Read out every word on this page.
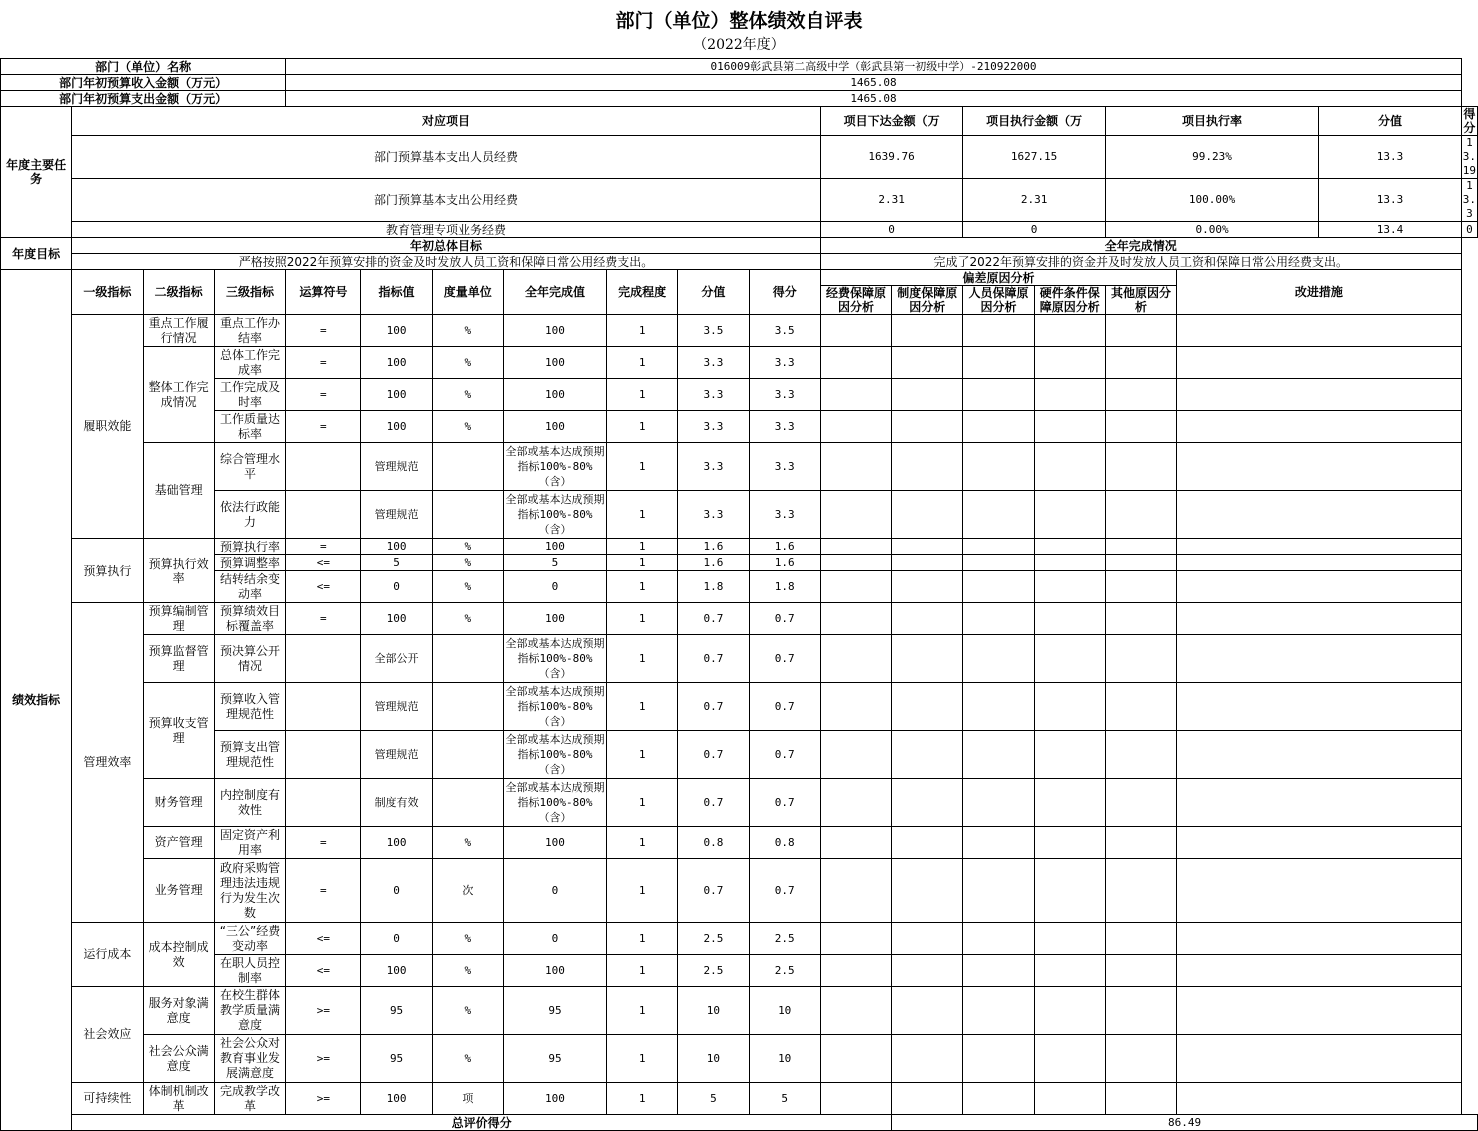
部门（单位）整体绩效自评表
（2022年度）
部门（单位）名称				016009彰武县第二高级中学（彰武县第一初级中学）-210922000														
部门年初预算收入金额（万元）				1465.08														
部门年初预算支出金额（万元）				1465.08														
年度主要任务	对应项目										项目下达金额（万		项目执行金额（万		项目执行率		分值	得分
	部门预算基本支出人员经费										1639.76		1627.15		99.23%		13.3	13.19
	部门预算基本支出公用经费										2.31		2.31		100.00%		13.3	13.3
	教育管理专项业务经费										0		0		0.00%		13.4	0
年度目标	年初总体目标										全年完成情况							
	严格按照2022年预算安排的资金及时发放人员工资和保障日常公用经费支出。										完成了2022年预算安排的资金并及时发放人员工资和保障日常公用经费支出。							
绩效指标	一级指标	二级指标	三级指标	运算符号	指标值	度量单位	全年完成值	完成程度	分值	得分	偏差原因分析					改进措施		
											经费保障原因分析	制度保障原因分析	人员保障原因分析	硬件条件保障原因分析	其他原因分析			

	履职效能	重点工作履行情况	重点工作办结率	=	100	%	100	1	3.5	3.5								
		整体工作完成情况	总体工作完成率	=	100	%	100	1	3.3	3.3								
			工作完成及时率	=	100	%	100	1	3.3	3.3								
			工作质量达标率	=	100	%	100	1	3.3	3.3								
		基础管理	综合管理水平		管理规范		全部或基本达成预期指标100%-80%（含）	1	3.3	3.3								
			依法行政能力		管理规范		全部或基本达成预期指标100%-80%（含）	1	3.3	3.3								
	预算执行	预算执行效率	预算执行率	=	100	%	100	1	1.6	1.6								
			预算调整率	<=	5	%	5	1	1.6	1.6								
			结转结余变动率	<=	0	%	0	1	1.8	1.8								
	管理效率	预算编制管理	预算绩效目标覆盖率	=	100	%	100	1	0.7	0.7								
		预算监督管理	预决算公开情况		全部公开		全部或基本达成预期指标100%-80%（含）	1	0.7	0.7								
		预算收支管理	预算收入管理规范性		管理规范		全部或基本达成预期指标100%-80%（含）	1	0.7	0.7								
			预算支出管理规范性		管理规范		全部或基本达成预期指标100%-80%（含）	1	0.7	0.7								
		财务管理	内控制度有效性		制度有效		全部或基本达成预期指标100%-80%（含）	1	0.7	0.7								
		资产管理	固定资产利用率	=	100	%	100	1	0.8	0.8								
		业务管理	政府采购管理违法违规行为发生次数	=	0	次	0	1	0.7	0.7								
	运行成本	成本控制成效	“三公”经费变动率	<=	0	%	0	1	2.5	2.5								
			在职人员控制率	<=	100	%	100	1	2.5	2.5								
	社会效应	服务对象满意度	在校生群体教学质量满意度	>=	95	%	95	1	10	10								
		社会公众满意度	社会公众对教育事业发展满意度	>=	95	%	95	1	10	10								
	可持续性	体制机制改革	完成教学改革	>=	100	项	100	1	5	5								
	总评价得分											86.49						
